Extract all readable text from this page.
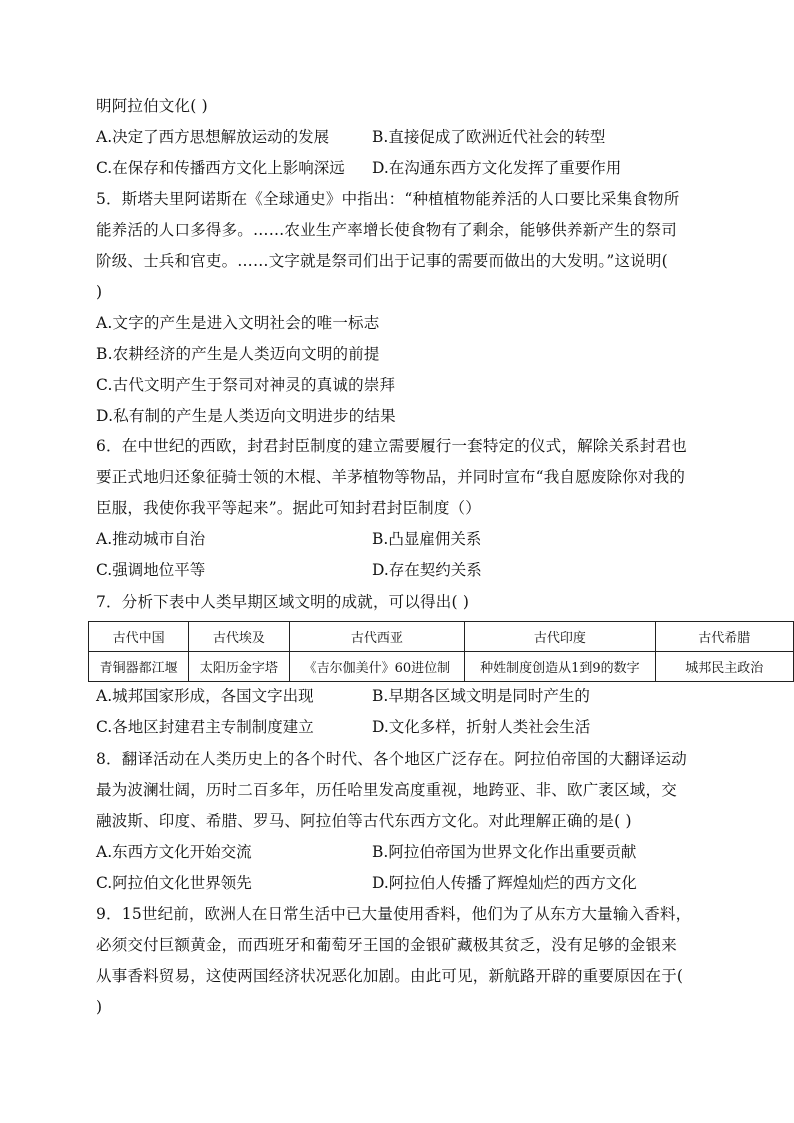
明阿拉伯文化( )
5．斯塔夫里阿诺斯在《全球通史》中指出：“种植植物能养活的人口要比采集食物所
能养活的人口多得多。……农业生产率增长使食物有了剩余，能够供养新产生的祭司
阶级、士兵和官吏。……文字就是祭司们出于记事的需要而做出的大发明。”这说明(
)
A.文字的产生是进入文明社会的唯一标志
B.农耕经济的产生是人类迈向文明的前提
C.古代文明产生于祭司对神灵的真诚的崇拜
D.私有制的产生是人类迈向文明进步的结果
6．在中世纪的西欧，封君封臣制度的建立需要履行一套特定的仪式，解除关系封君也
要正式地归还象征骑士领的木棍、羊茅植物等物品，并同时宣布“我自愿废除你对我的
臣服，我使你我平等起来”。据此可知封君封臣制度（）
7．分析下表中人类早期区域文明的成就，可以得出( )
8．翻译活动在人类历史上的各个时代、各个地区广泛存在。阿拉伯帝国的大翻译运动
最为波澜壮阔，历时二百多年，历任哈里发高度重视，地跨亚、非、欧广袤区域，交
融波斯、印度、希腊、罗马、阿拉伯等古代东西方文化。对此理解正确的是( )
9．15世纪前，欧洲人在日常生活中已大量使用香料，他们为了从东方大量输入香料，
必须交付巨额黄金，而西班牙和葡萄牙王国的金银矿藏极其贫乏，没有足够的金银来
从事香料贸易，这使两国经济状况恶化加剧。由此可见，新航路开辟的重要原因在于(
)
A.决定了西方思想解放运动的发展	B.直接促成了欧洲近代社会的转型
C.在保存和传播西方文化上影响深远 D.在沟通东西方文化发挥了重要作用
A.推动城市自治	B.凸显雇佣关系
C.强调地位平等	D.存在契约关系
A.城邦国家形成，各国文字出现	B.早期各区域文明是同时产生的
C.各地区封建君主专制制度建立	D.文化多样，折射人类社会生活
A.东西方文化开始交流	B.阿拉伯帝国为世界文化作出重要贡献
C.阿拉伯文化世界领先	D.阿拉伯人传播了辉煌灿烂的西方文化
古代中国	古代埃及	古代西亚	古代印度	古代希腊
青铜器都江堰	太阳历金字塔	《吉尔伽美什》60进位制	种姓制度创造从1到9的数字	城邦民主政治
